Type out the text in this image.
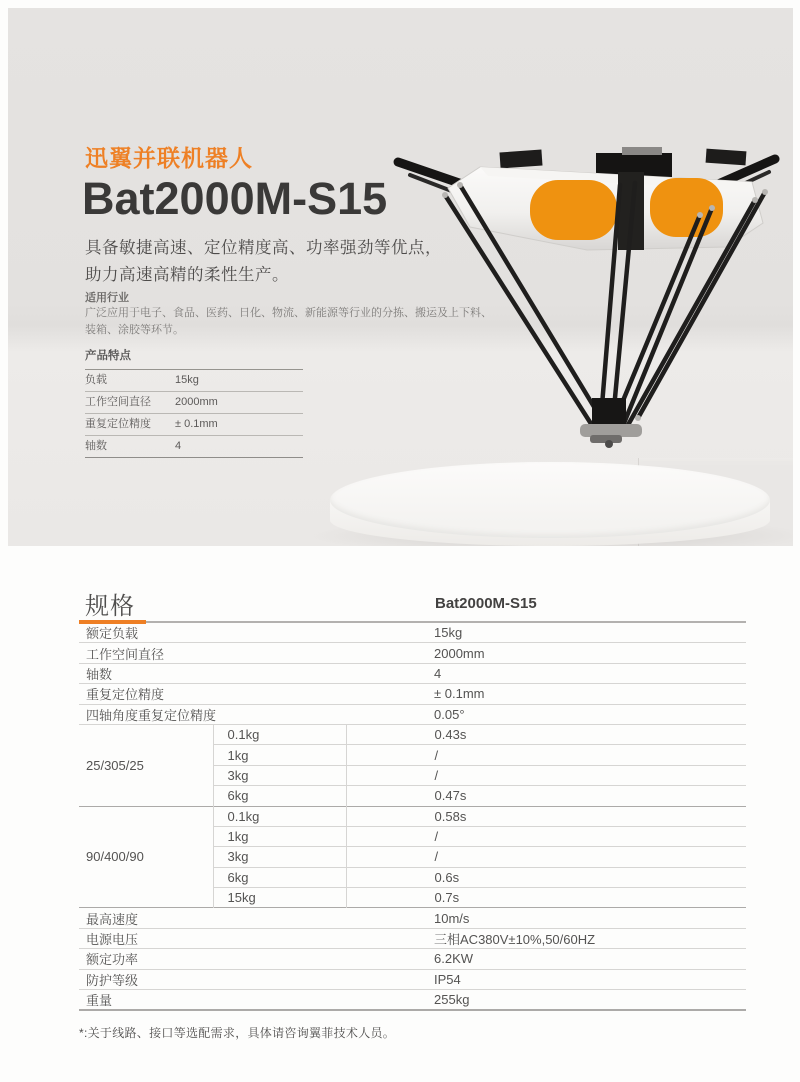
迅翼并联机器人
Bat2000M-S15
具备敏捷高速、定位精度高、功率强劲等优点，
助力高速高精的柔性生产。
适用行业
广泛应用于电子、食品、医药、日化、物流、新能源等行业的分拣、搬运及上下料、
装箱、涂胶等环节。
产品特点
负载	15kg
工作空间直径 2000mm
重复定位精度 ± 0.1mm
轴数	4
规格	Bat2000M-S15
额定负载		15kg
工作空间直径		2000mm
轴数		4
重复定位精度		± 0.1mm
四轴角度重复定位精度		0.05°
25/305/25	0.1kg	0.43s
	1kg	/
	3kg	/
	6kg	0.47s
90/400/90	0.1kg	0.58s
	1kg	/
	3kg	/
	6kg	0.6s
	15kg	0.7s
最高速度		10m/s
电源电压		三相AC380V±10%,50/60HZ
额定功率		6.2KW
防护等级		IP54
重量		255kg
*:关于线路、接口等选配需求，具体请咨询翼菲技术人员。
